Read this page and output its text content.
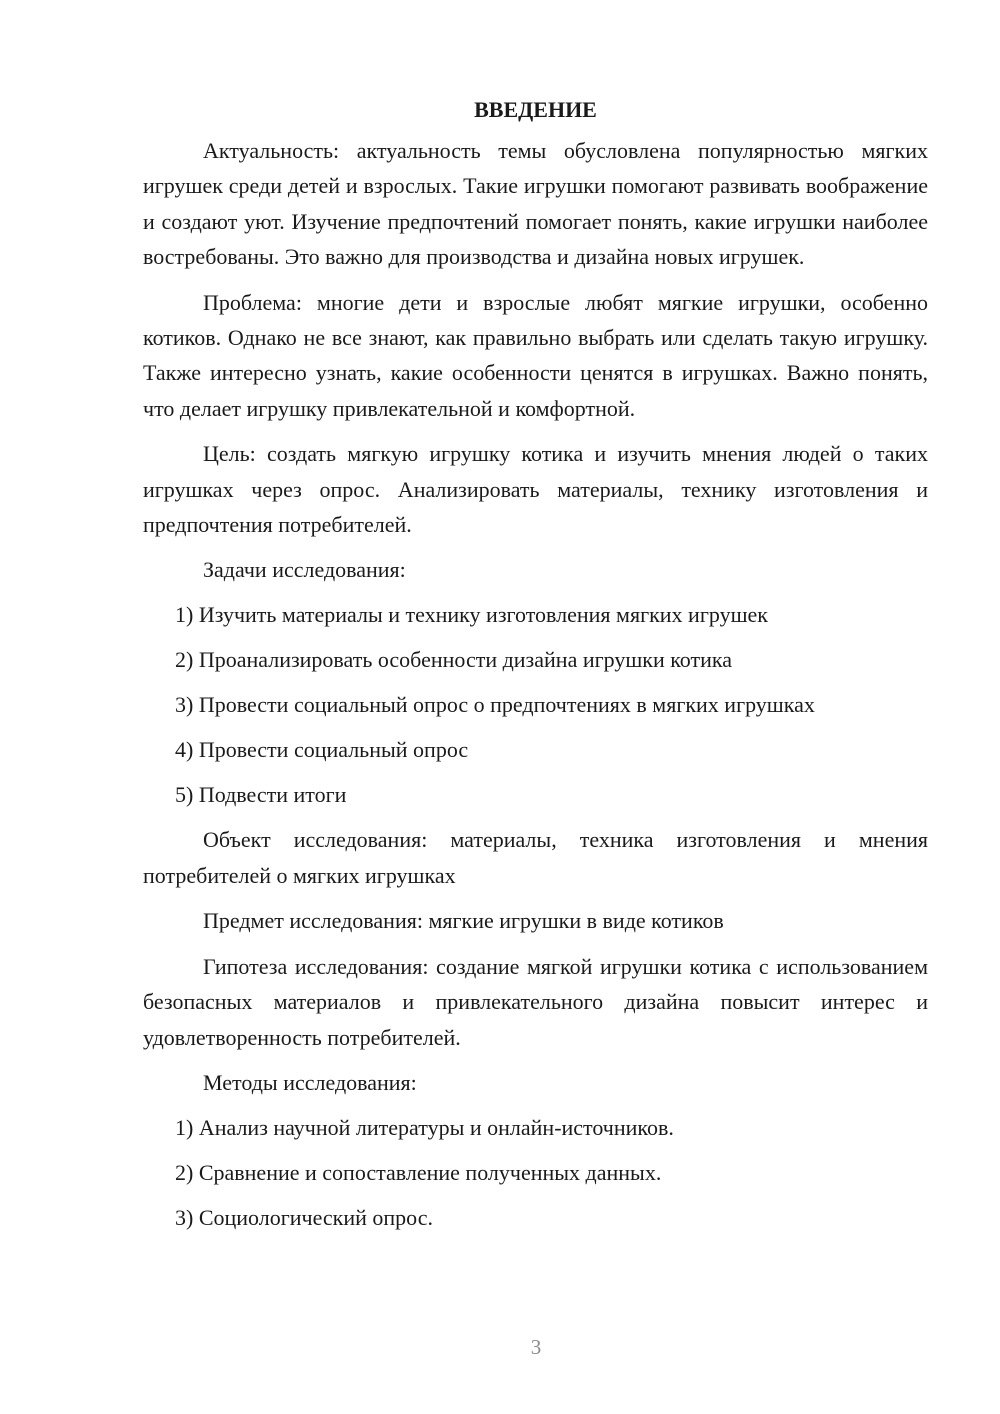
ВВЕДЕНИЕ

Актуальность: актуальность темы обусловлена популярностью мягких игрушек среди детей и взрослых. Такие игрушки помогают развивать воображение и создают уют. Изучение предпочтений помогает понять, какие игрушки наиболее востребованы. Это важно для производства и дизайна новых игрушек.

Проблема: многие дети и взрослые любят мягкие игрушки, особенно котиков. Однако не все знают, как правильно выбрать или сделать такую игрушку. Также интересно узнать, какие особенности ценятся в игрушках. Важно понять, что делает игрушку привлекательной и комфортной.

Цель: создать мягкую игрушку котика и изучить мнения людей о таких игрушках через опрос. Анализировать материалы, технику изготовления и предпочтения потребителей.

Задачи исследования:
1) Изучить материалы и технику изготовления мягких игрушек
2) Проанализировать особенности дизайна игрушки котика
3) Провести социальный опрос о предпочтениях в мягких игрушках
4) Провести социальный опрос
5) Подвести итоги

Объект исследования: материалы, техника изготовления и мнения потребителей о мягких игрушках

Предмет исследования: мягкие игрушки в виде котиков

Гипотеза исследования: создание мягкой игрушки котика с использованием безопасных материалов и привлекательного дизайна повысит интерес и удовлетворенность потребителей.

Методы исследования:
1) Анализ научной литературы и онлайн-источников.
2) Сравнение и сопоставление полученных данных.
3) Социологический опрос.
3
